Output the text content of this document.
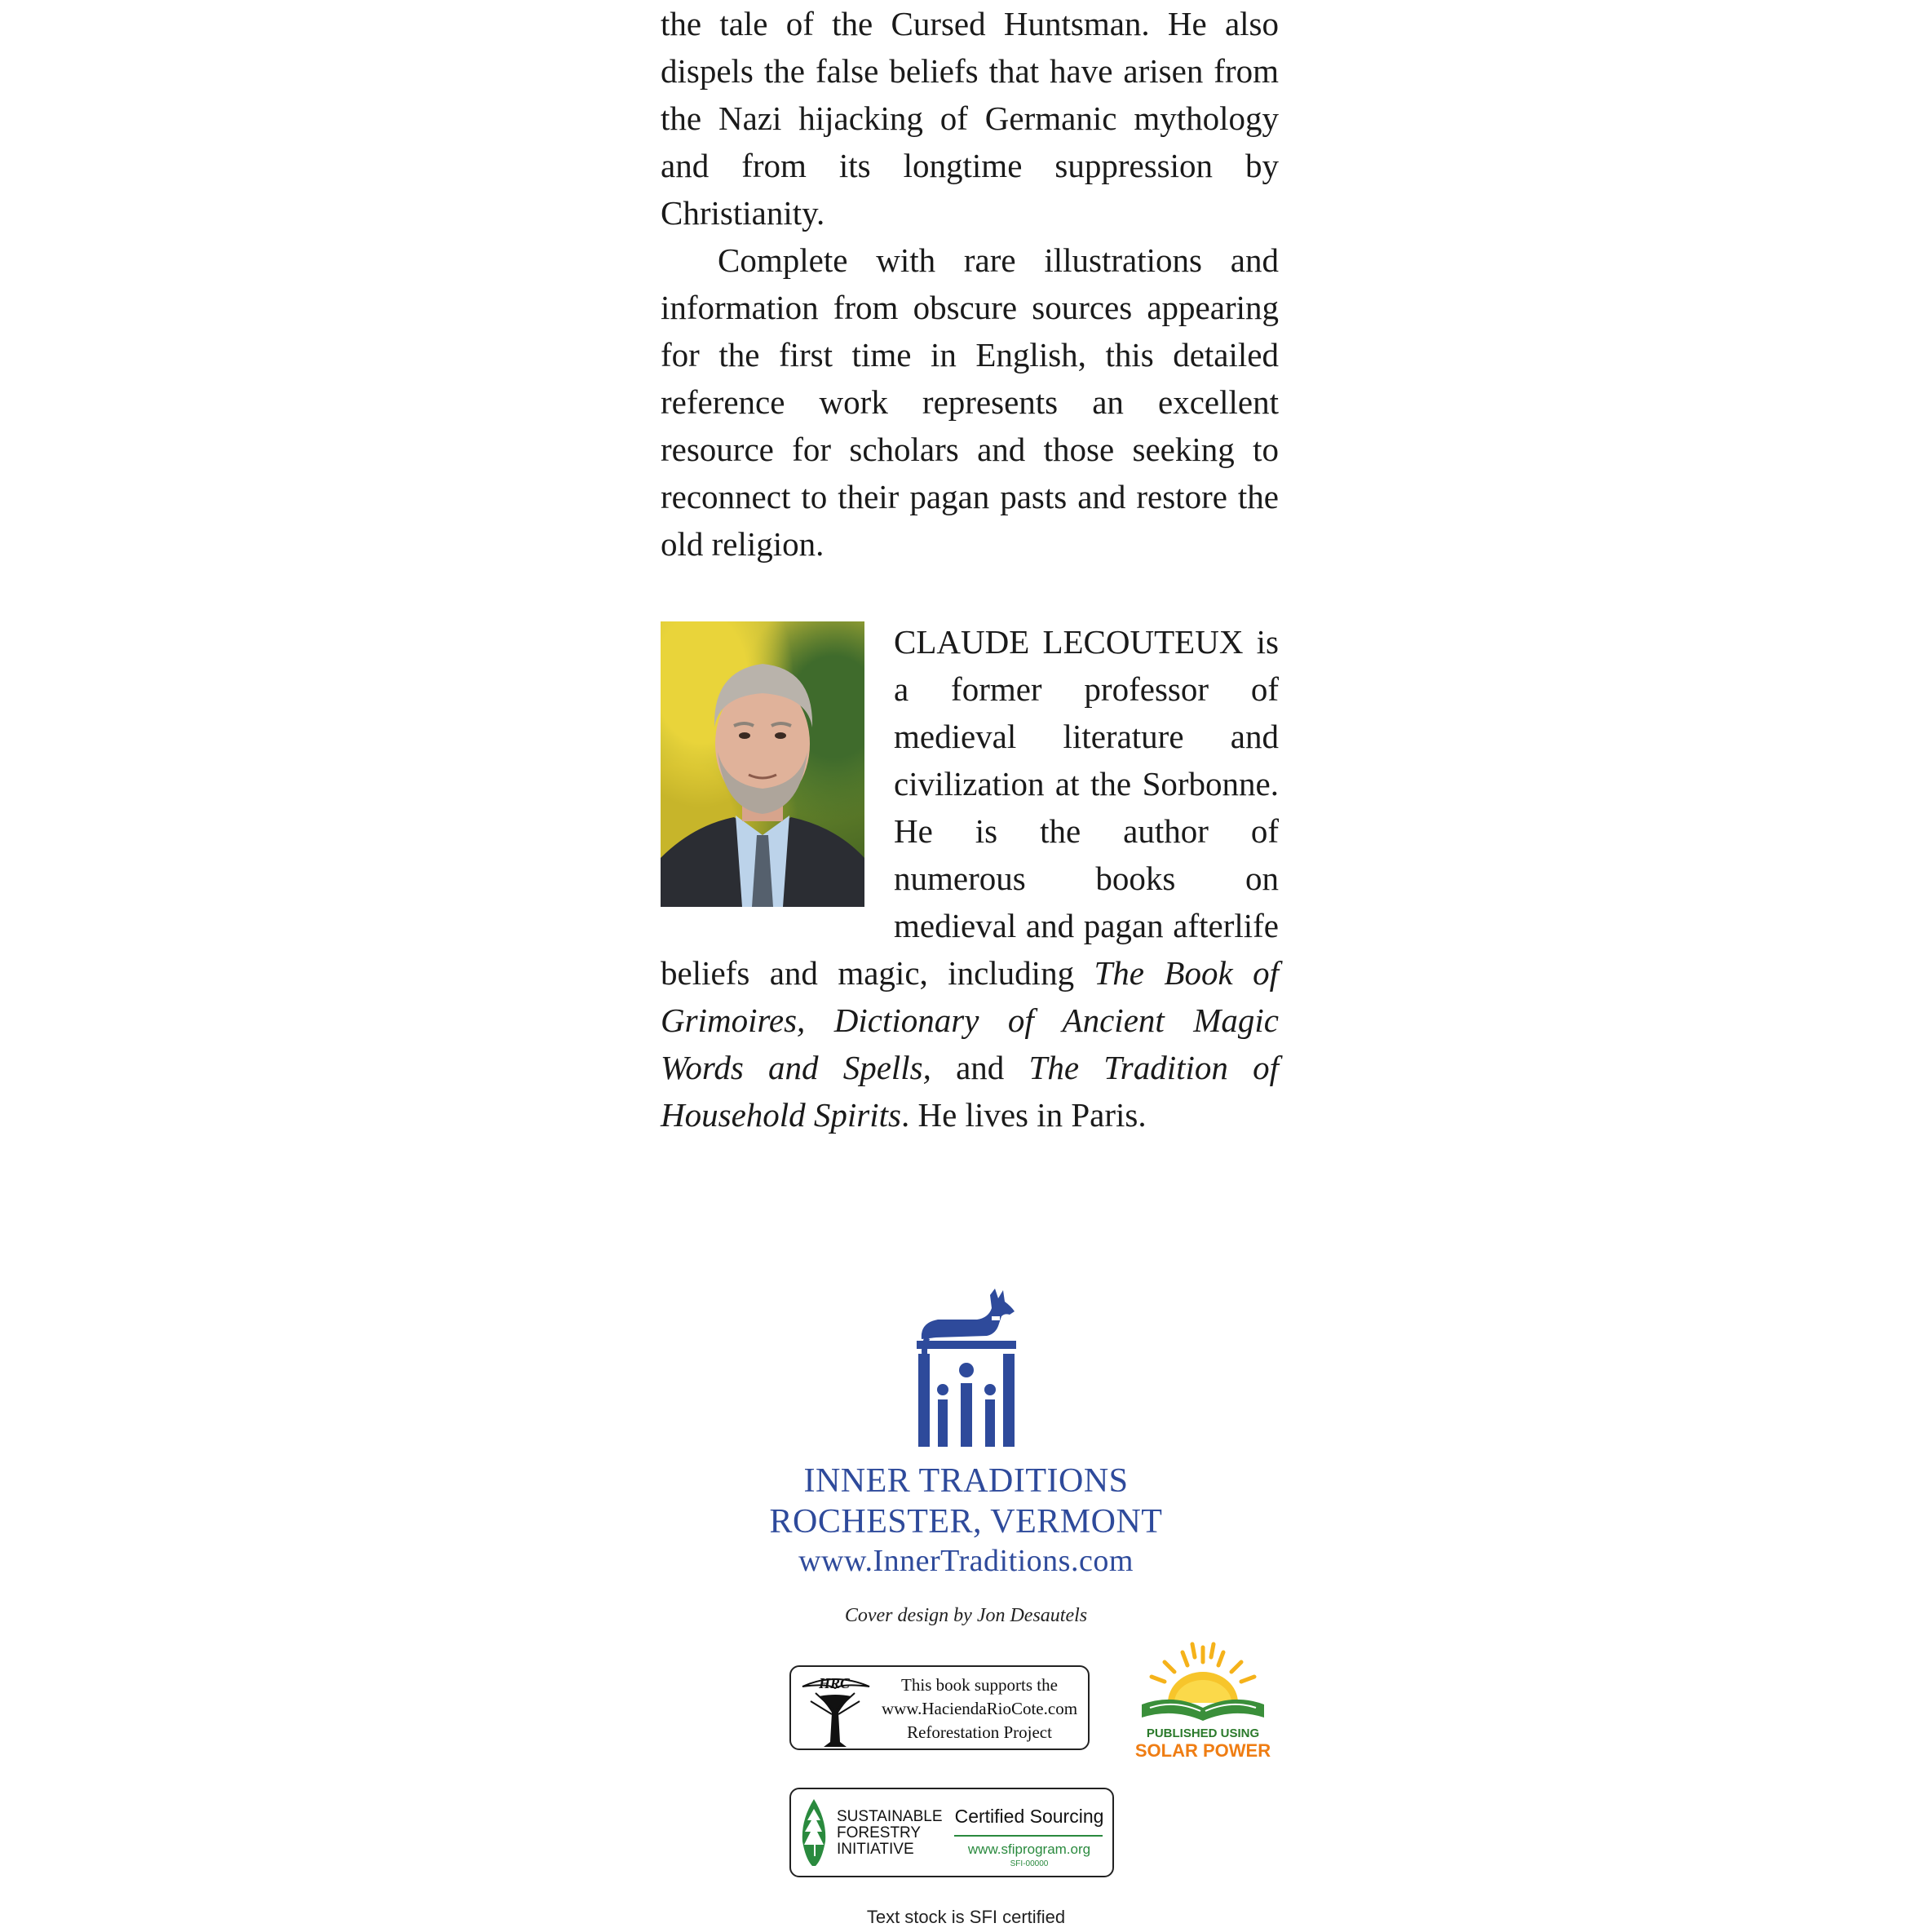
the tale of the Cursed Huntsman. He also dispels the false beliefs that have arisen from the Nazi hijacking of Germanic mythology and from its longtime suppression by Christianity.

Complete with rare illustrations and information from obscure sources appearing for the first time in English, this detailed reference work represents an excellent resource for scholars and those seeking to reconnect to their pagan pasts and restore the old religion.

CLAUDE LECOUTEUX is a former professor of medieval literature and civilization at the Sorbonne. He is the author of numerous books on medieval and pagan afterlife beliefs and magic, including The Book of Grimoires, Dictionary of Ancient Magic Words and Spells, and The Tradition of Household Spirits. He lives in Paris.
INNER TRADITIONS
ROCHESTER, VERMONT
www.InnerTraditions.com
Cover design by Jon Desautels
HRC	This book supports the
www.HaciendaRioCote.com
Reforestation Project	PUBLISHED USING
SOLAR POWER
SUSTAINABLE
FORESTRY
INITIATIVE
Certified Sourcing
www.sfiprogram.org
SFI-00000
Text stock is SFI certified
